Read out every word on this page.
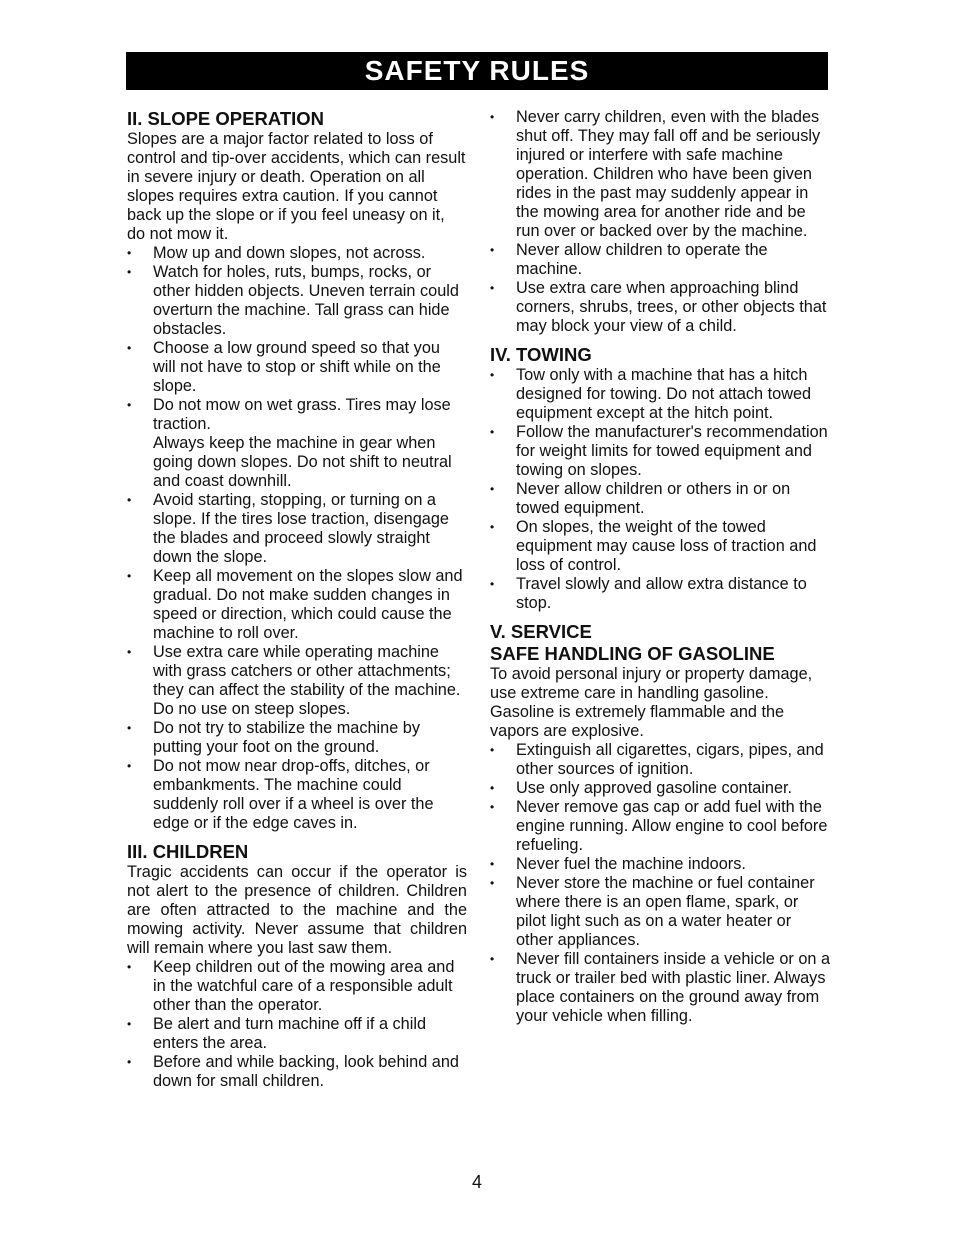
SAFETY RULES
II. SLOPE OPERATION

Slopes are a major factor related to loss of control and tip-over accidents, which can result in severe injury or death. Operation on all slopes requires extra caution. If you cannot back up the slope or if you feel uneasy on it, do not mow it.

• Mow up and down slopes, not across.
• Watch for holes, ruts, bumps, rocks, or other hidden objects. Uneven terrain could overturn the machine. Tall grass can hide obstacles.
• Choose a low ground speed so that you will not have to stop or shift while on the slope.
• Do not mow on wet grass. Tires may lose traction.

Always keep the machine in gear when going down slopes. Do not shift to neutral and coast downhill.

• Avoid starting, stopping, or turning on a slope. If the tires lose traction, disengage the blades and proceed slowly straight down the slope.
• Keep all movement on the slopes slow and gradual. Do not make sudden changes in speed or direction, which could cause the machine to roll over.
• Use extra care while operating machine with grass catchers or other attachments; they can affect the stability of the machine. Do no use on steep slopes.
• Do not try to stabilize the machine by putting your foot on the ground.
• Do not mow near drop-offs, ditches, or embankments. The machine could suddenly roll over if a wheel is over the edge or if the edge caves in.
III. CHILDREN

Tragic accidents can occur if the operator is not alert to the presence of children. Children are often attracted to the machine and the mowing activity. Never assume that children will remain where you last saw them.

• Keep children out of the mowing area and in the watchful care of a responsible adult other than the operator.
• Be alert and turn machine off if a child enters the area.
• Before and while backing, look behind and down for small children.
• Never carry children, even with the blades shut off. They may fall off and be seriously injured or interfere with safe machine operation. Children who have been given rides in the past may suddenly appear in the mowing area for another ride and be run over or backed over by the machine.
• Never allow children to operate the machine.
• Use extra care when approaching blind corners, shrubs, trees, or other objects that may block your view of a child.
IV. TOWING
• Tow only with a machine that has a hitch designed for towing. Do not attach towed equipment except at the hitch point.
• Follow the manufacturer's recommendation for weight limits for towed equipment and towing on slopes.
• Never allow children or others in or on towed equipment.
• On slopes, the weight of the towed equipment may cause loss of traction and loss of control.
• Travel slowly and allow extra distance to stop.
V. SERVICE
SAFE HANDLING OF GASOLINE

To avoid personal injury or property damage, use extreme care in handling gasoline. Gasoline is extremely flammable and the vapors are explosive.

• Extinguish all cigarettes, cigars, pipes, and other sources of ignition.
• Use only approved gasoline container.
• Never remove gas cap or add fuel with the engine running. Allow engine to cool before refueling.
• Never fuel the machine indoors.
• Never store the machine or fuel container where there is an open flame, spark, or pilot light such as on a water heater or other appliances.
• Never fill containers inside a vehicle or on a truck or trailer bed with plastic liner. Always place containers on the ground away from your vehicle when filling.
4
